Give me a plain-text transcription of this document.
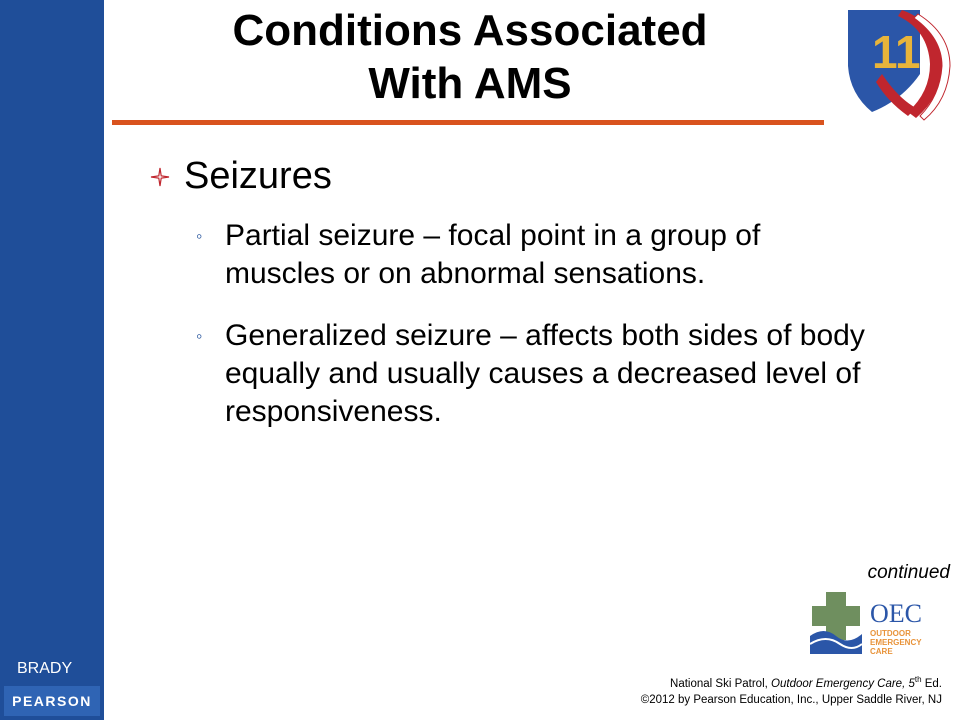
BRADY
PEARSON
Conditions Associated
With AMS
11
Seizures
◦ Partial seizure – focal point in a group of muscles or on abnormal sensations.
◦ Generalized seizure – affects both sides of body equally and usually causes a decreased level of responsiveness.
continued
OEC
OUTDOOR
EMERGENCY
CARE
National Ski Patrol, Outdoor Emergency Care, 5th Ed.
©2012 by Pearson Education, Inc., Upper Saddle River, NJ
